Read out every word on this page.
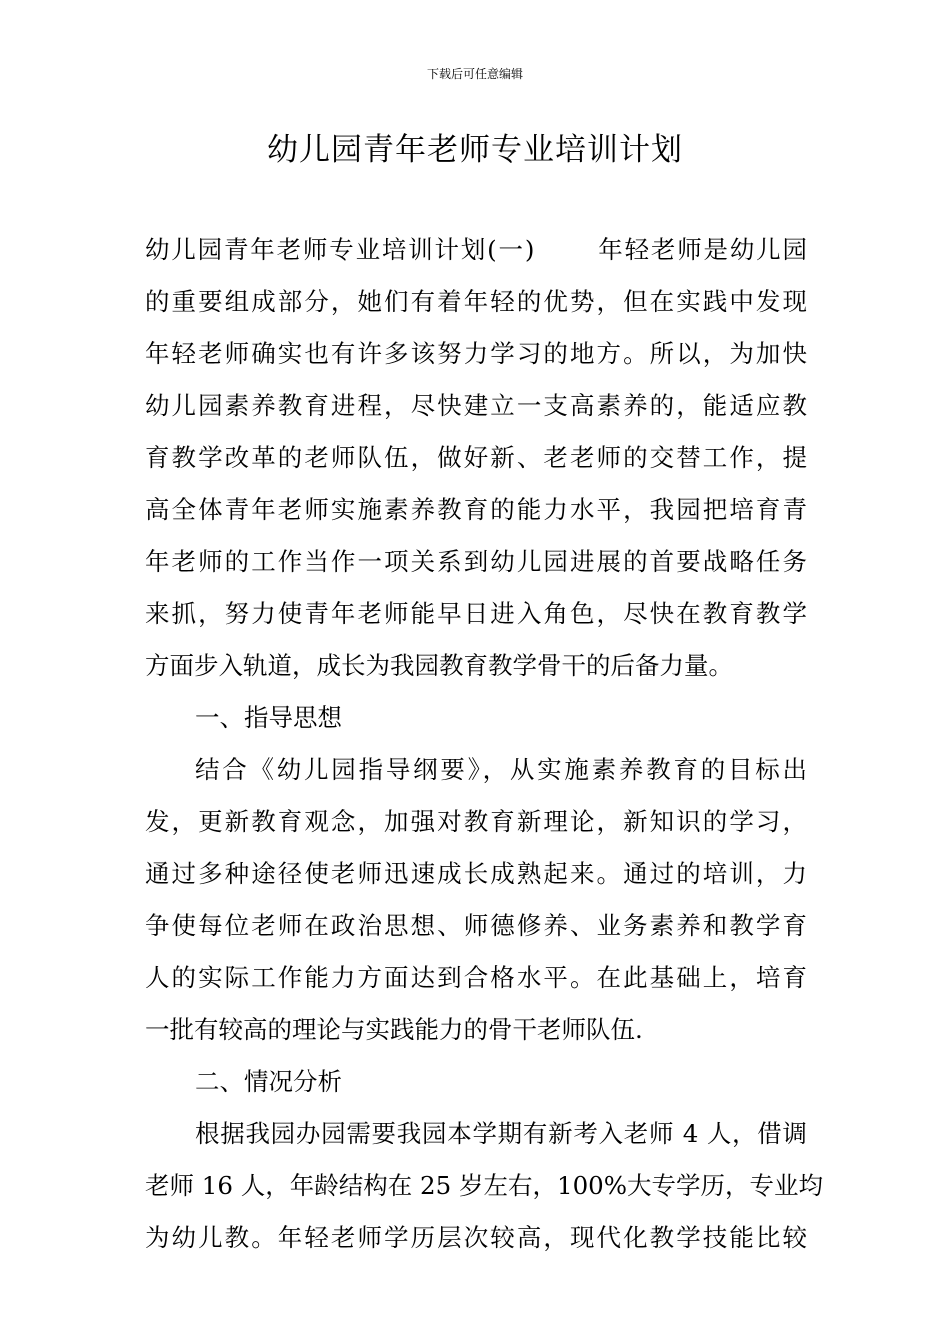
下载后可任意编辑
幼儿园青年老师专业培训计划
幼儿园青年老师专业培训计划(一)	年轻老师是幼儿园
的重要组成部分，她们有着年轻的优势，但在实践中发现
年轻老师确实也有许多该努力学习的地方。所以，为加快
幼儿园素养教育进程，尽快建立一支高素养的，能适应教
育教学改革的老师队伍，做好新、老老师的交替工作，提
高全体青年老师实施素养教育的能力水平，我园把培育青
年老师的工作当作一项关系到幼儿园进展的首要战略任务
来抓，努力使青年老师能早日进入角色，尽快在教育教学
方面步入轨道，成长为我园教育教学骨干的后备力量。
一、指导思想
结合《幼儿园指导纲要》，从实施素养教育的目标出
发，更新教育观念，加强对教育新理论，新知识的学习，
通过多种途径使老师迅速成长成熟起来。通过的培训，力
争使每位老师在政治思想、师德修养、业务素养和教学育
人的实际工作能力方面达到合格水平。在此基础上，培育
一批有较高的理论与实践能力的骨干老师队伍.
二、情况分析
根据我园办园需要我园本学期有新考入老师 4 人，借调
老师 16 人，年龄结构在 25 岁左右，100%大专学历，专业均
为幼儿教。年轻老师学历层次较高，现代化教学技能比较
